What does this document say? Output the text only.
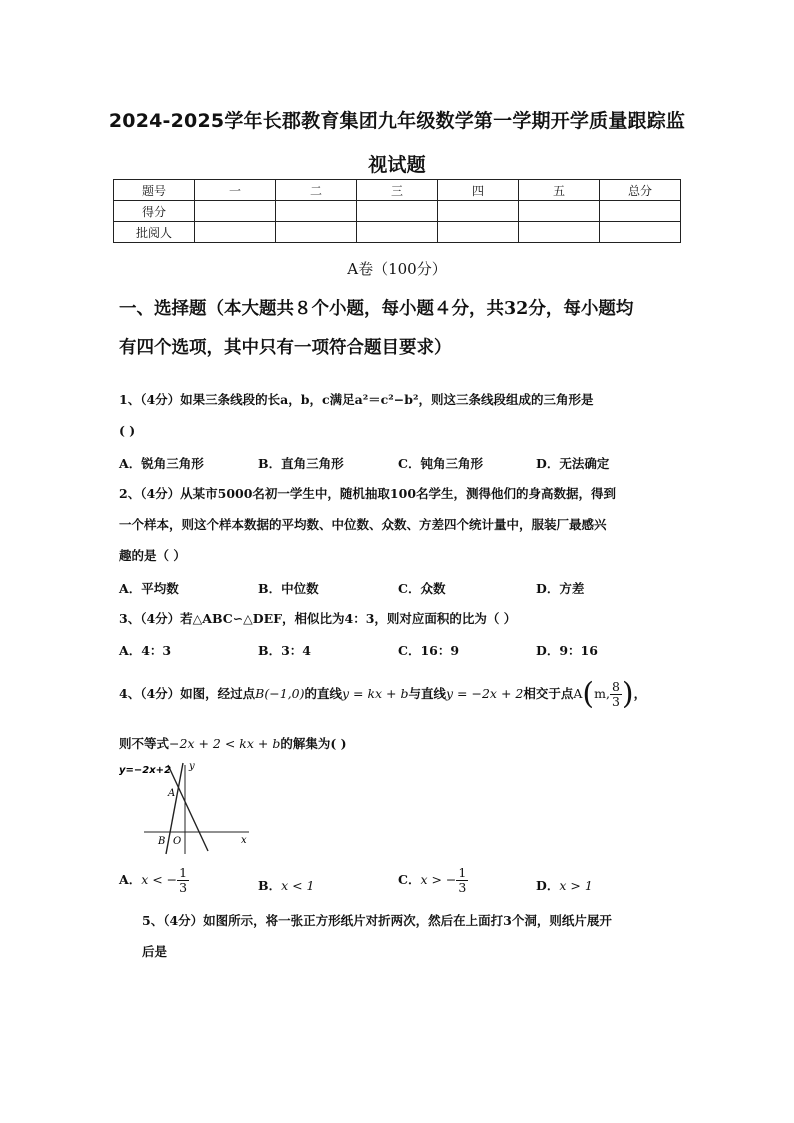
2024-2025学年长郡教育集团九年级数学第一学期开学质量跟踪监
视试题
题号	一	二	三	四	五	总分
得分						
批阅人						
A卷（100分）
一、选择题（本大题共８个小题，每小题４分，共32分，每小题均
有四个选项，其中只有一项符合题目要求）
1、（4分）如果三条线段的长a，b，c满足a²＝c²−b²，则这三条线段组成的三角形是
( )
A．锐角三角形	B．直角三角形	C．钝角三角形	D．无法确定
2、（4分）从某市5000名初一学生中，随机抽取100名学生，测得他们的身高数据，得到
一个样本，则这个样本数据的平均数、中位数、众数、方差四个统计量中，服装厂最感兴
趣的是（ ）
A．平均数	B．中位数	C．众数	D．方差
3、（4分）若△ABC∽△DEF，相似比为4：3，则对应面积的比为（ ）
A．4：3	B．3：4	C．16：9	D．9：16
4、（4分）如图，经过点B(−1,0)的直线y = kx + b与直线y = −2x + 2相交于点A(m, $\frac{8}{3}$ )，
则不等式−2x + 2 < kx + b的解集为( )
y=−2x+2 y
x
A
B O
A．x < − $\frac{1}{3}$	B．x < 1	C．x > − $\frac{1}{3}$	D．x > 1
5、（4分）如图所示，将一张正方形纸片对折两次，然后在上面打3个洞，则纸片展开
后是
